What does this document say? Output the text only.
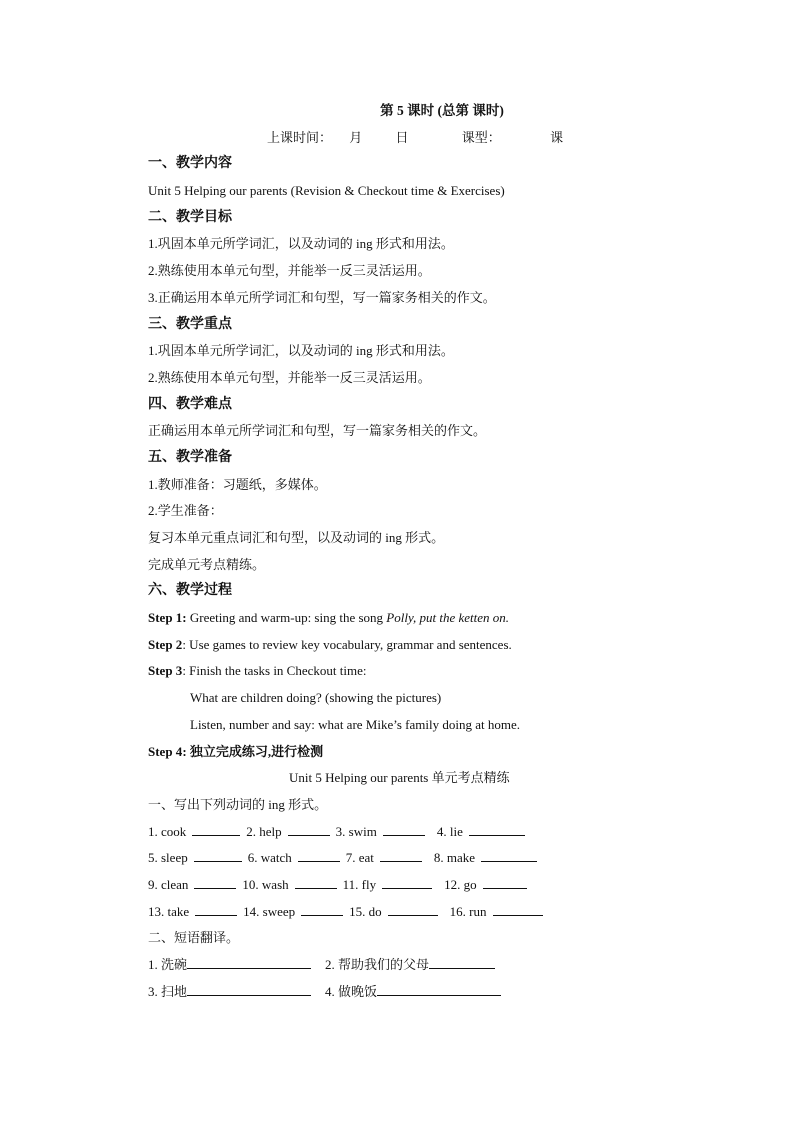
第 5 课时 (总第 课时)
上课时间： 月	日	课型：	课
一、教学内容
Unit 5 Helping our parents (Revision & Checkout time & Exercises)
二、教学目标
1.巩固本单元所学词汇，以及动词的 ing 形式和用法。
2.熟练使用本单元句型，并能举一反三灵活运用。
3.正确运用本单元所学词汇和句型，写一篇家务相关的作文。
三、教学重点
1.巩固本单元所学词汇，以及动词的 ing 形式和用法。
2.熟练使用本单元句型，并能举一反三灵活运用。
四、教学难点
正确运用本单元所学词汇和句型，写一篇家务相关的作文。
五、教学准备
1.教师准备：习题纸，多媒体。
2.学生准备：
复习本单元重点词汇和句型，以及动词的 ing 形式。
完成单元考点精练。
六、教学过程
Step 1: Greeting and warm-up: sing the song Polly, put the ketten on.
Step 2: Use games to review key vocabulary, grammar and sentences.
Step 3: Finish the tasks in Checkout time:
What are children doing? (showing the pictures)
Listen, number and say: what are Mike’s family doing at home.
Step 4: 独立完成练习,进行检测
Unit 5 Helping our parents 单元考点精练
一、写出下列动词的 ing 形式。
1. cook	2. help	3. swim	4. lie
5. sleep	6. watch	7. eat	8. make
9. clean	10. wash	11. fly	12. go
13. take	14. sweep	15. do	16. run
二、短语翻译。
1. 洗碗	2. 帮助我们的父母
3. 扫地	4. 做晚饭
